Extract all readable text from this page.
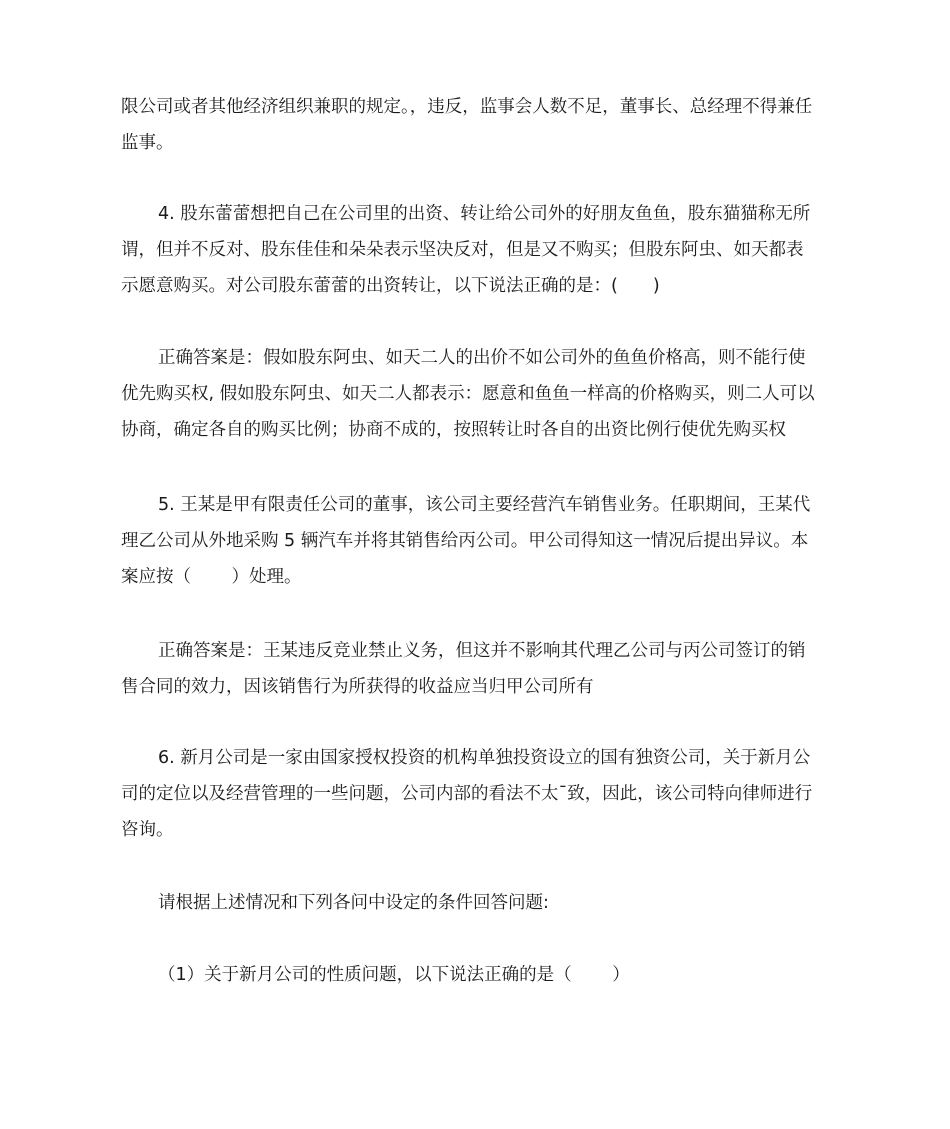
限公司或者其他经济组织兼职的规定。，违反，监事会人数不足，董事长、总经理不得兼任
监事。
4. 股东蕾蕾想把自己在公司里的出资、转让给公司外的好朋友鱼鱼，股东猫猫称无所
谓，但并不反对、股东佳佳和朵朵表示坚决反对，但是又不购买；但股东阿虫、如天都表
示愿意购买。对公司股东蕾蕾的出资转让，以下说法正确的是：(　　)
正确答案是：假如股东阿虫、如天二人的出价不如公司外的鱼鱼价格高，则不能行使
优先购买权, 假如股东阿虫、如天二人都表示：愿意和鱼鱼一样高的价格购买，则二人可以
协商，确定各自的购买比例；协商不成的，按照转让时各自的出资比例行使优先购买权
5. 王某是甲有限责任公司的董事，该公司主要经营汽车销售业务。任职期间，王某代
理乙公司从外地采购 5 辆汽车并将其销售给丙公司。甲公司得知这一情况后提出异议。本
案应按（　　 ）处理。
正确答案是：王某违反竞业禁止义务，但这并不影响其代理乙公司与丙公司签订的销
售合同的效力，因该销售行为所获得的收益应当归甲公司所有
6. 新月公司是一家由国家授权投资的机构单独投资设立的国有独资公司，关于新月公
司的定位以及经营管理的一些问题，公司内部的看法不太¯致，因此，该公司特向律师进行
咨询。
请根据上述情况和下列各问中设定的条件回答问题:
（1）关于新月公司的性质问题，以下说法正确的是（　　 ）
